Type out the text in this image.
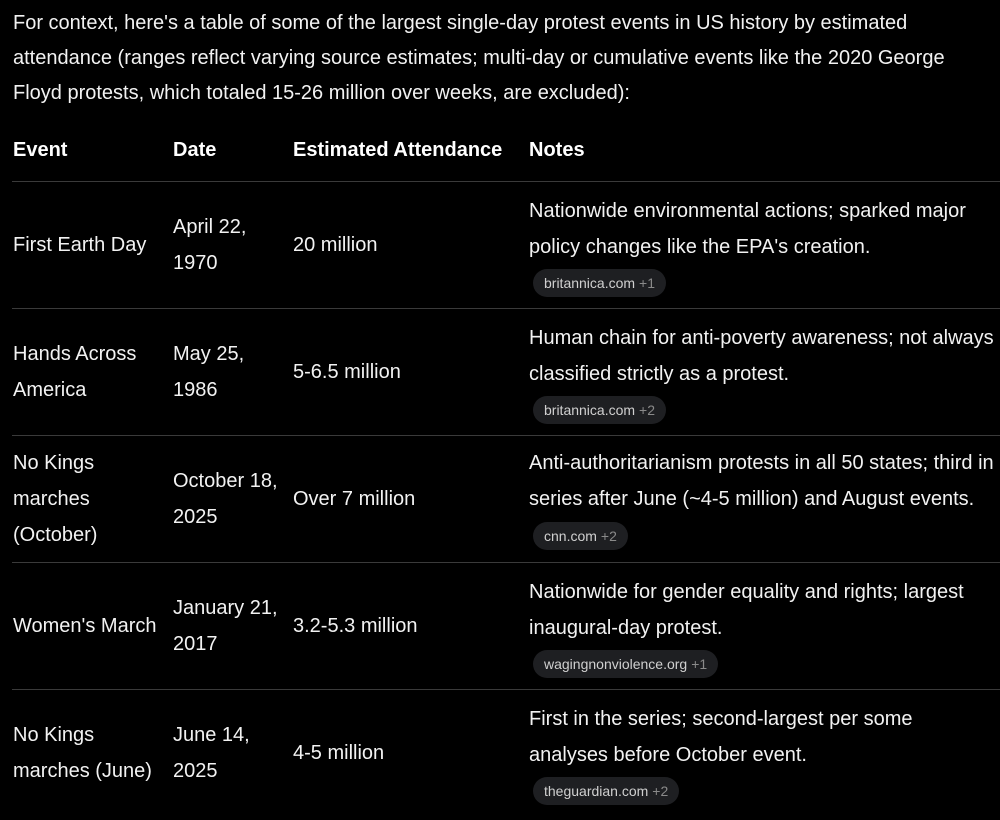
For context, here's a table of some of the largest single-day protest events in US history by estimated attendance (ranges reflect varying source estimates; multi-day or cumulative events like the 2020 George Floyd protests, which totaled 15-26 million over weeks, are excluded):

Event	Date	Estimated Attendance	Notes
First Earth Day	April 22, 1970	20 million	Nationwide environmental actions; sparked major policy changes like the EPA's creation.
britannica.com +1

Hands Across America	May 25, 1986	5-6.5 million	Human chain for anti-poverty awareness; not always classified strictly as a protest.
britannica.com +2

No Kings marches (October)	October 18, 2025	Over 7 million	Anti-authoritarianism protests in all 50 states; third in series after June (~4-5 million) and August events. cnn.com +2
Women's March	January 21, 2017	3.2-5.3 million	Nationwide for gender equality and rights; largest inaugural-day protest.
wagingnonviolence.org +1

No Kings marches (June)	June 14, 2025	4-5 million	First in the series; second-largest per some analyses before October event.
theguardian.com +2
